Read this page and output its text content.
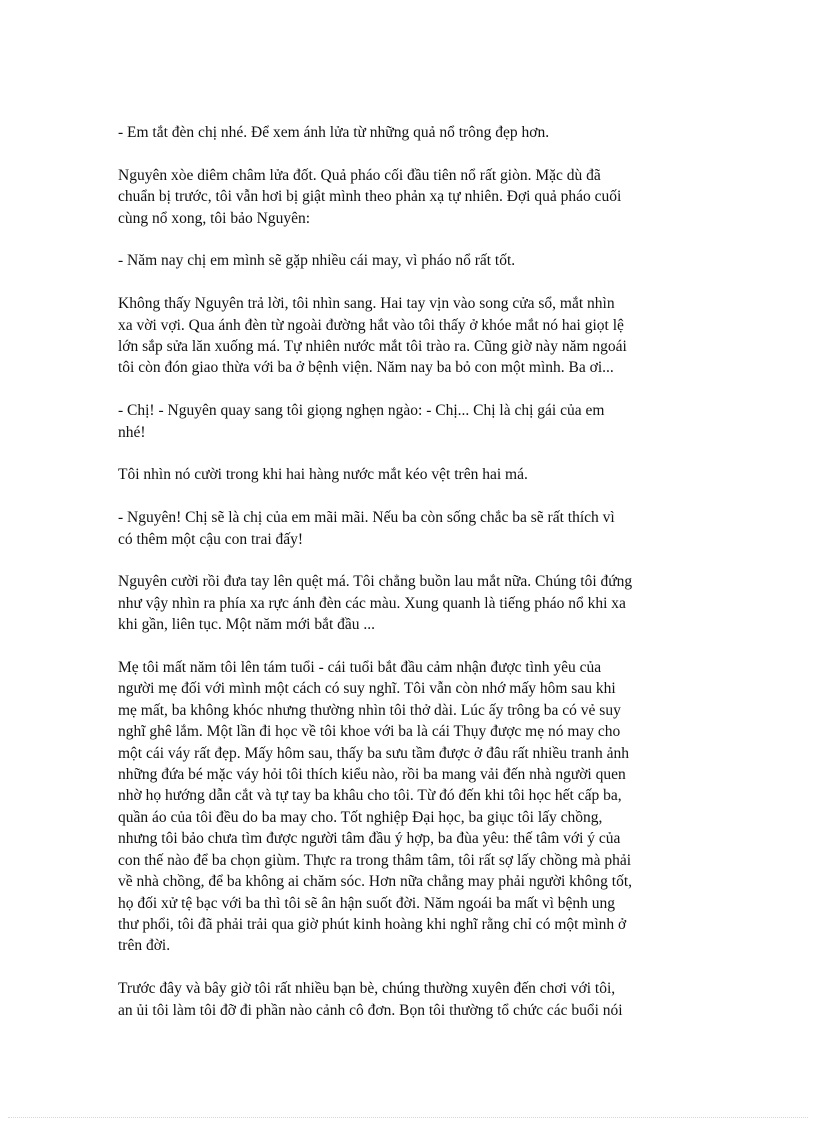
- Em tắt đèn chị nhé. Để xem ánh lửa từ những quả nổ trông đẹp hơn.

Nguyên xòe diêm châm lửa đốt. Quả pháo cối đầu tiên nổ rất giòn. Mặc dù đã
chuẩn bị trước, tôi vẫn hơi bị giật mình theo phản xạ tự nhiên. Đợi quả pháo cuối
cùng nổ xong, tôi bảo Nguyên:

- Năm nay chị em mình sẽ gặp nhiều cái may, vì pháo nổ rất tốt.

Không thấy Nguyên trả lời, tôi nhìn sang. Hai tay vịn vào song cửa sổ, mắt nhìn
xa vời vợi. Qua ánh đèn từ ngoài đường hắt vào tôi thấy ở khóe mắt nó hai giọt lệ
lớn sắp sửa lăn xuống má. Tự nhiên nước mắt tôi trào ra. Cũng giờ này năm ngoái
tôi còn đón giao thừa với ba ở bệnh viện. Năm nay ba bỏ con một mình. Ba ơi...

- Chị! - Nguyên quay sang tôi giọng nghẹn ngào: - Chị... Chị là chị gái của em
nhé!

Tôi nhìn nó cười trong khi hai hàng nước mắt kéo vệt trên hai má.

- Nguyên! Chị sẽ là chị của em mãi mãi. Nếu ba còn sống chắc ba sẽ rất thích vì
có thêm một cậu con trai đấy!

Nguyên cười rồi đưa tay lên quệt má. Tôi chẳng buồn lau mắt nữa. Chúng tôi đứng
như vậy nhìn ra phía xa rực ánh đèn các màu. Xung quanh là tiếng pháo nổ khi xa
khi gần, liên tục. Một năm mới bắt đầu ...

Mẹ tôi mất năm tôi lên tám tuổi - cái tuổi bắt đầu cảm nhận được tình yêu của
người mẹ đối với mình một cách có suy nghĩ. Tôi vẫn còn nhớ mấy hôm sau khi
mẹ mất, ba không khóc nhưng thường nhìn tôi thở dài. Lúc ấy trông ba có vẻ suy
nghĩ ghê lắm. Một lần đi học về tôi khoe với ba là cái Thụy được mẹ nó may cho
một cái váy rất đẹp. Mấy hôm sau, thấy ba sưu tầm được ở đâu rất nhiều tranh ảnh
những đứa bé mặc váy hỏi tôi thích kiểu nào, rồi ba mang vải đến nhà người quen
nhờ họ hướng dẫn cắt và tự tay ba khâu cho tôi. Từ đó đến khi tôi học hết cấp ba,
quần áo của tôi đều do ba may cho. Tốt nghiệp Đại học, ba giục tôi lấy chồng,
nhưng tôi bảo chưa tìm được người tâm đầu ý hợp, ba đùa yêu: thế tâm với ý của
con thế nào để ba chọn giùm. Thực ra trong thâm tâm, tôi rất sợ lấy chồng mà phải
về nhà chồng, để ba không ai chăm sóc. Hơn nữa chẳng may phải người không tốt,
họ đối xử tệ bạc với ba thì tôi sẽ ân hận suốt đời. Năm ngoái ba mất vì bệnh ung
thư phổi, tôi đã phải trải qua giờ phút kinh hoàng khi nghĩ rằng chỉ có một mình ở
trên đời.

Trước đây và bây giờ tôi rất nhiều bạn bè, chúng thường xuyên đến chơi với tôi,
an ủi tôi làm tôi đỡ đi phần nào cảnh cô đơn. Bọn tôi thường tổ chức các buổi nói
